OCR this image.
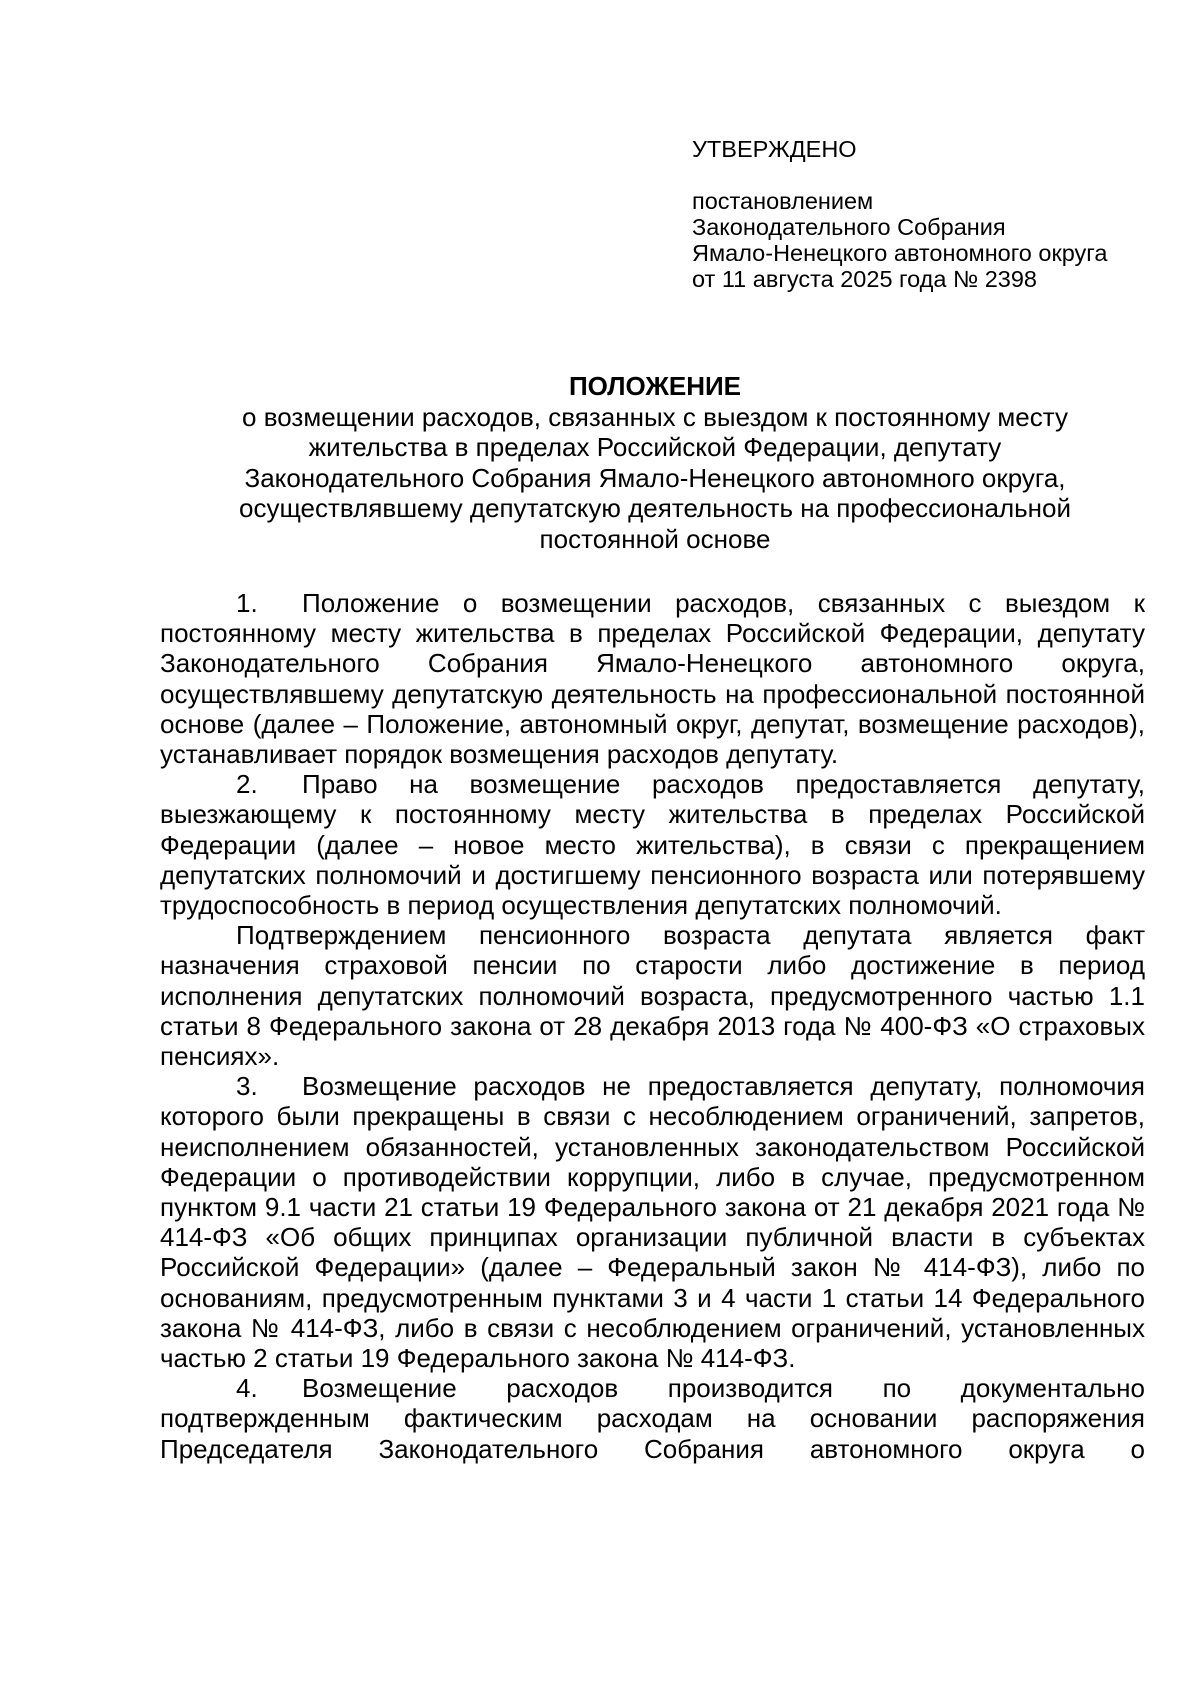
УТВЕРЖДЕНО

постановлением

Законодательного Собрания

Ямало-Ненецкого автономного округа

от 11 августа 2025 года № 2398

ПОЛОЖЕНИЕ

о возмещении расходов, связанных с выездом к постоянному месту

жительства в пределах Российской Федерации, депутату

Законодательного Собрания Ямало-Ненецкого автономного округа,

осуществлявшему депутатскую деятельность на профессиональной

постоянной основе

1. Положение о возмещении расходов, связанных с выездом к постоянному месту жительства в пределах Российской Федерации, депутату Законодательного Собрания Ямало-Ненецкого автономного округа, осуществлявшему депутатскую деятельность на профессиональной постоянной основе (далее – Положение, автономный округ, депутат, возмещение расходов), устанавливает порядок возмещения расходов депутату.

2. Право на возмещение расходов предоставляется депутату, выезжающему к постоянному месту жительства в пределах Российской Федерации (далее – новое место жительства), в связи с прекращением депутатских полномочий и достигшему пенсионного возраста или потерявшему трудоспособность в период осуществления депутатских полномочий.

Подтверждением пенсионного возраста депутата является факт назначения страховой пенсии по старости либо достижение в период исполнения депутатских полномочий возраста, предусмотренного частью 1.1 статьи 8 Федерального закона от 28 декабря 2013 года № 400-ФЗ «О страховых пенсиях».

3. Возмещение расходов не предоставляется депутату, полномочия которого были прекращены в связи с несоблюдением ограничений, запретов, неисполнением обязанностей, установленных законодательством Российской Федерации о противодействии коррупции, либо в случае, предусмотренном пунктом 9.1 части 21 статьи 19 Федерального закона от 21 декабря 2021 года № 414-ФЗ «Об общих принципах организации публичной власти в субъектах Российской Федерации» (далее – Федеральный закон № 414-ФЗ), либо по основаниям, предусмотренным пунктами 3 и 4 части 1 статьи 14 Федерального закона № 414-ФЗ, либо в связи с несоблюдением ограничений, установленных частью 2 статьи 19 Федерального закона № 414-ФЗ.

4. Возмещение расходов производится по документально подтвержденным фактическим расходам на основании распоряжения Председателя Законодательного Собрания автономного округа о
